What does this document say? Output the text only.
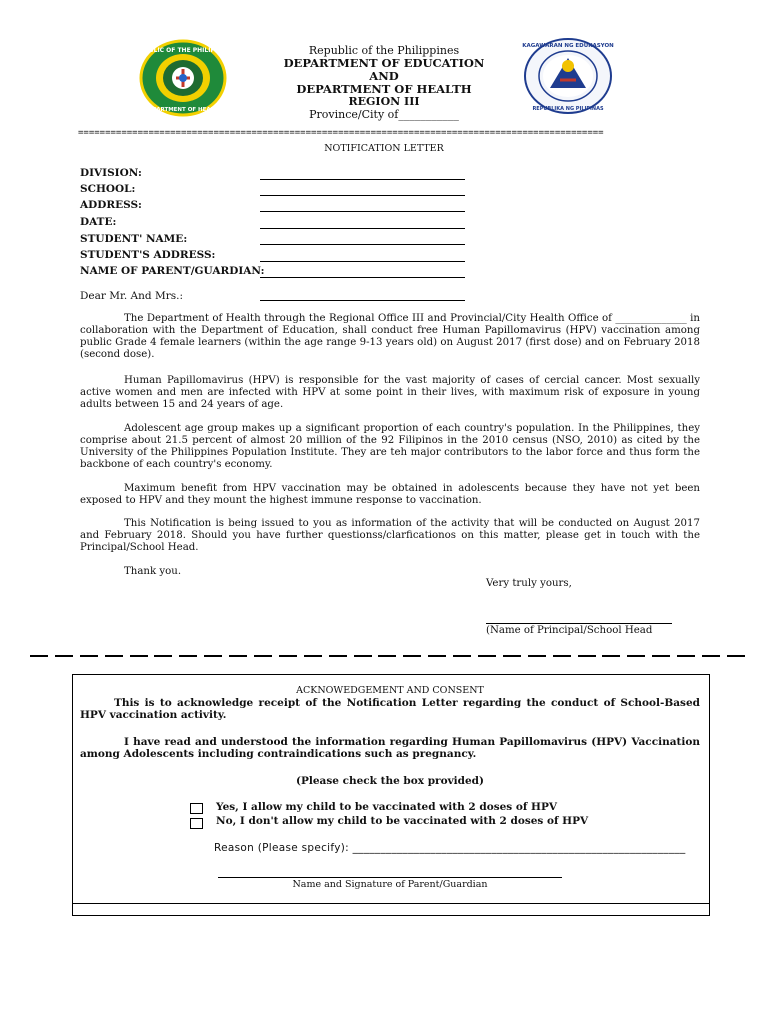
REPUBLIC OF THE PHILIPPINES
DEPARTMENT OF HEALTH
KAGAWARAN NG EDUKASYON
REPUBLIKA NG PILIPINAS
Republic of the Philippines
DEPARTMENT OF EDUCATION
AND
DEPARTMENT OF HEALTH
REGION III
Province/City of___________
=================================================================================================
NOTIFICATION LETTER
DIVISION:
SCHOOL:
ADDRESS:
DATE:
STUDENT' NAME:
STUDENT'S ADDRESS:
NAME OF PARENT/GUARDIAN:
Dear Mr. And Mrs.:
The Department of Health through the Regional Office III and Provincial/City Health Office of ______________ in collaboration with the Department of Education, shall conduct free Human Papillomavirus (HPV) vaccination among public Grade 4 female learners (within the age range 9-13 years old) on August 2017 (first dose) and on February 2018 (second dose).
Human Papillomavirus (HPV) is responsible for the vast majority of cases of cercial cancer. Most sexually active women and men are infected with HPV at some point in their lives, with maximum risk of exposure in young adults between 15 and 24 years of age.
Adolescent age group makes up a significant proportion of each country's population. In the Philippines, they comprise about 21.5 percent of almost 20 million of the 92 Filipinos in the 2010 census (NSO, 2010) as cited by the University of the Philippines Population Institute. They are teh major contributors to the labor force and thus form the backbone of each country's economy.
Maximum benefit from HPV vaccination may be obtained in adolescents because they have not yet been exposed to HPV and they mount the highest immune response to vaccination.
This Notification is being issued to you as information of the activity that will be conducted on August 2017 and February 2018. Should you have further questionss/clarficationos on this matter, please get in touch with the Principal/School Head.
Thank you.
Very truly yours,
(Name of Principal/School Head
ACKNOWEDGEMENT AND CONSENT
This is to acknowledge receipt of the Notification Letter regarding the conduct of School-Based HPV vaccination activity.
I have read and understood the information regarding Human Papillomavirus (HPV) Vaccination among Adolescents including contraindications such as pregnancy.
(Please check the box provided)
Yes, I allow my child to be vaccinated with 2 doses of HPV
No, I don't allow my child to be vaccinated with 2 doses of HPV
Reason (Please specify): ____________________________________________________________
Name and Signature of Parent/Guardian
